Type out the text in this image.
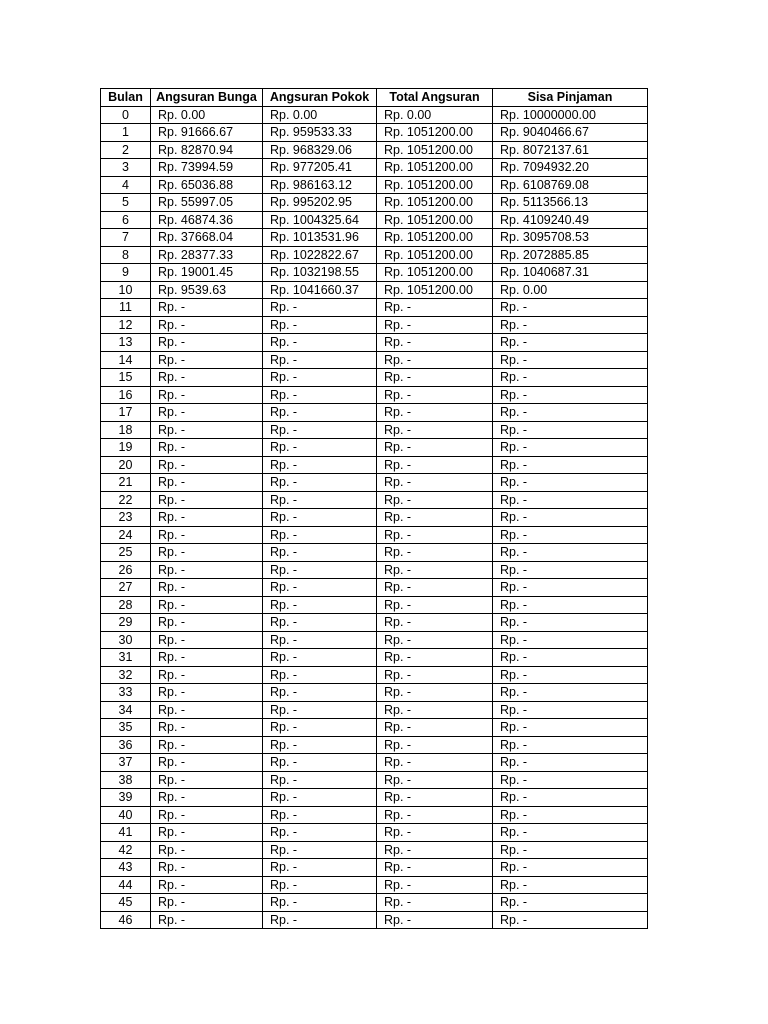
Bulan	Angsuran Bunga	Angsuran Pokok	Total Angsuran	Sisa Pinjaman
0	Rp. 0.00	Rp. 0.00	Rp. 0.00	Rp. 10000000.00
1	Rp. 91666.67	Rp. 959533.33	Rp. 1051200.00	Rp. 9040466.67
2	Rp. 82870.94	Rp. 968329.06	Rp. 1051200.00	Rp. 8072137.61
3	Rp. 73994.59	Rp. 977205.41	Rp. 1051200.00	Rp. 7094932.20
4	Rp. 65036.88	Rp. 986163.12	Rp. 1051200.00	Rp. 6108769.08
5	Rp. 55997.05	Rp. 995202.95	Rp. 1051200.00	Rp. 5113566.13
6	Rp. 46874.36	Rp. 1004325.64	Rp. 1051200.00	Rp. 4109240.49
7	Rp. 37668.04	Rp. 1013531.96	Rp. 1051200.00	Rp. 3095708.53
8	Rp. 28377.33	Rp. 1022822.67	Rp. 1051200.00	Rp. 2072885.85
9	Rp. 19001.45	Rp. 1032198.55	Rp. 1051200.00	Rp. 1040687.31
10	Rp. 9539.63	Rp. 1041660.37	Rp. 1051200.00	Rp. 0.00
11	Rp. -	Rp. -	Rp. -	Rp. -
12	Rp. -	Rp. -	Rp. -	Rp. -
13	Rp. -	Rp. -	Rp. -	Rp. -
14	Rp. -	Rp. -	Rp. -	Rp. -
15	Rp. -	Rp. -	Rp. -	Rp. -
16	Rp. -	Rp. -	Rp. -	Rp. -
17	Rp. -	Rp. -	Rp. -	Rp. -
18	Rp. -	Rp. -	Rp. -	Rp. -
19	Rp. -	Rp. -	Rp. -	Rp. -
20	Rp. -	Rp. -	Rp. -	Rp. -
21	Rp. -	Rp. -	Rp. -	Rp. -
22	Rp. -	Rp. -	Rp. -	Rp. -
23	Rp. -	Rp. -	Rp. -	Rp. -
24	Rp. -	Rp. -	Rp. -	Rp. -
25	Rp. -	Rp. -	Rp. -	Rp. -
26	Rp. -	Rp. -	Rp. -	Rp. -
27	Rp. -	Rp. -	Rp. -	Rp. -
28	Rp. -	Rp. -	Rp. -	Rp. -
29	Rp. -	Rp. -	Rp. -	Rp. -
30	Rp. -	Rp. -	Rp. -	Rp. -
31	Rp. -	Rp. -	Rp. -	Rp. -
32	Rp. -	Rp. -	Rp. -	Rp. -
33	Rp. -	Rp. -	Rp. -	Rp. -
34	Rp. -	Rp. -	Rp. -	Rp. -
35	Rp. -	Rp. -	Rp. -	Rp. -
36	Rp. -	Rp. -	Rp. -	Rp. -
37	Rp. -	Rp. -	Rp. -	Rp. -
38	Rp. -	Rp. -	Rp. -	Rp. -
39	Rp. -	Rp. -	Rp. -	Rp. -
40	Rp. -	Rp. -	Rp. -	Rp. -
41	Rp. -	Rp. -	Rp. -	Rp. -
42	Rp. -	Rp. -	Rp. -	Rp. -
43	Rp. -	Rp. -	Rp. -	Rp. -
44	Rp. -	Rp. -	Rp. -	Rp. -
45	Rp. -	Rp. -	Rp. -	Rp. -
46	Rp. -	Rp. -	Rp. -	Rp. -
